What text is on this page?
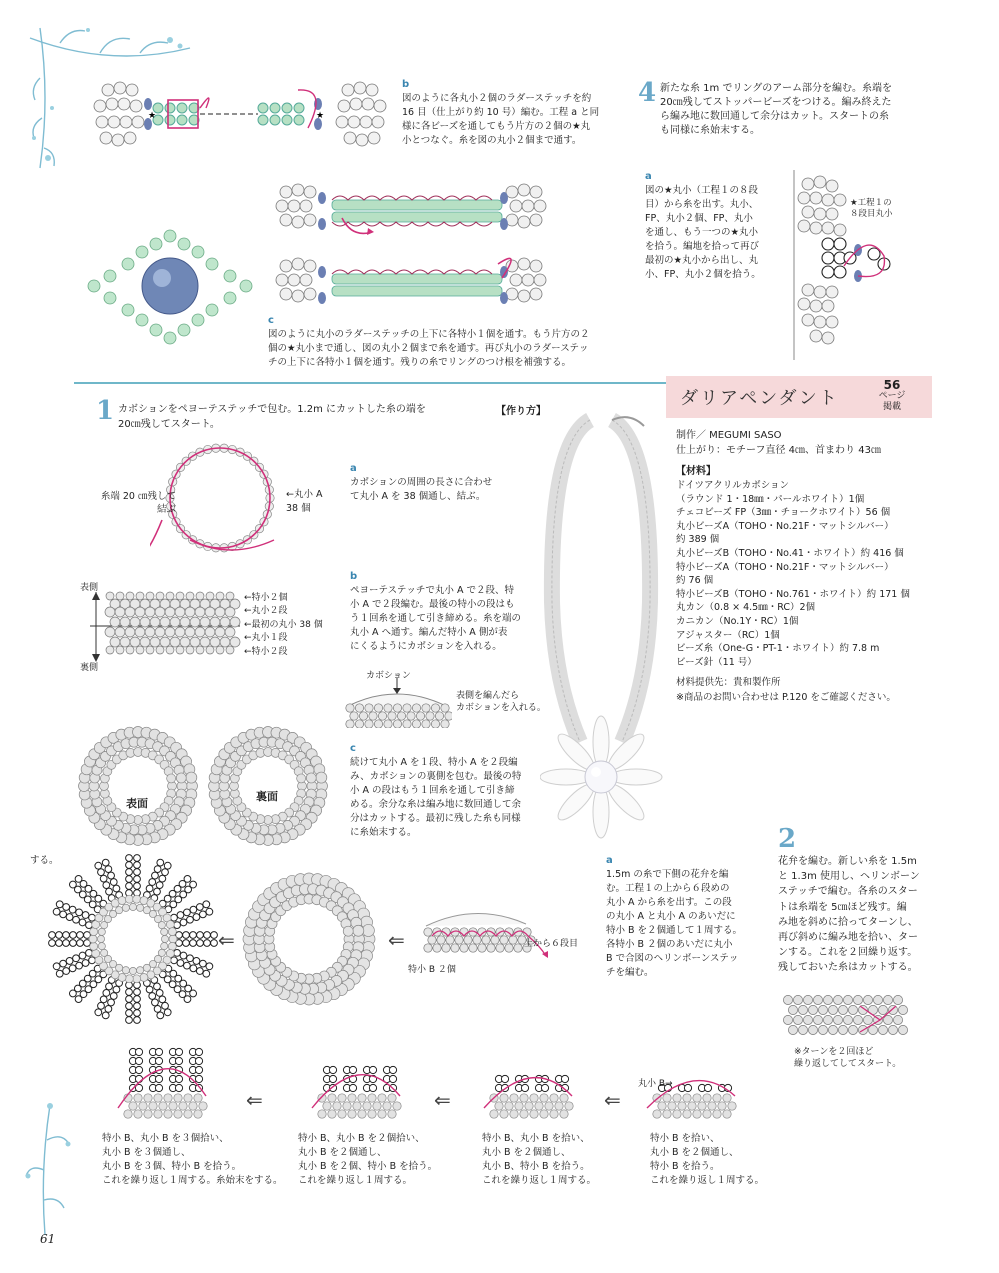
61
★	★
b
図のように各丸小２個のラダーステッチを約
16 目（仕上がり約 10 号）編む。工程 a と同
様に各ビーズを通してもう片方の２個の★丸
小とつなぐ。糸を図の丸小２個まで通す。
c
図のように丸小のラダーステッチの上下に各特小１個を通す。もう片方の２
個の★丸小まで通し、図の丸小２個まで糸を通す。再び丸小のラダーステッ
チの上下に各特小１個を通す。残りの糸でリングのつけ根を補強する。
4 新たな糸 1m でリングのアーム部分を編む。糸端を
20㎝残してストッパービーズをつける。編み終えた
ら編み地に数回通して余分はカット。スタートの糸
も同様に糸始末する。
a
図の★丸小（工程１の８段
目）から糸を出す。丸小、
FP、丸小２個、FP、丸小
を通し、もう一つの★丸小
を拾う。編地を拾って再び
最初の★丸小から出し、丸
小、FP、丸小２個を拾う。
★工程１の
８段目丸小
ダリアペンダント
56
ページ
掲載
制作／ MEGUMI SASO
仕上がり：モチーフ直径 4㎝、首まわり 43㎝
【材料】
ドイツアクリルカボション
（ラウンド 1・18㎜・パールホワイト）1個
チェコビーズ FP（3㎜・チョークホワイト）56 個
丸小ビーズA（TOHO・No.21F・マットシルバー）
約 389 個
丸小ビーズB（TOHO・No.41・ホワイト）約 416 個
特小ビーズA（TOHO・No.21F・マットシルバー）
約 76 個
特小ビーズB（TOHO・No.761・ホワイト）約 171 個
丸カン（0.8 × 4.5㎜・RC）2個
カニカン（No.1Y・RC）1個
アジャスター（RC）1個
ビーズ糸（One-G・PT-1・ホワイト）約 7.8 m
ビーズ針（11 号）
材料提供先：貴和製作所
※商品のお問い合わせは P.120 をご確認ください。
1 カボションをペヨーテステッチで包む。1.2m にカットした糸の端を
20㎝残してスタート。
【作り方】
糸端 20 ㎝残して
結ぶ
←丸小 A
38 個
a
カボションの周囲の長さに合わせ
て丸小 A を 38 個通し、結ぶ。
表側
裏側
←特小２個
←丸小２段
←最初の丸小 38 個
←丸小１段
←特小２段
b
ペヨーテステッチで丸小 A で２段、特
小 A で２段編む。最後の特小の段はも
う１回糸を通して引き締める。糸を端の
丸小 A へ通す。編んだ特小 A 側が表
にくるようにカボションを入れる。
カボション
表側を編んだら
カボションを入れる。
c
続けて丸小 A を１段、特小 A を２段編
み、カボションの裏側を包む。最後の特
小 A の段はもう１回糸を通して引き締
める。余分な糸は編み地に数回通して余
分はカットする。最初に残した糸も同様
に糸始末する。
表面
裏面
する。
⇐	⇐	上から６段目
特小 B ２個
a
1.5m の糸で下側の花弁を編
む。工程１の上から６段めの
丸小 A から糸を出す。この段
の丸小 A と丸小 A のあいだに
特小 B を２個通して１周する。
各特小 B ２個のあいだに丸小
B で合図のヘリンボーンステッ
チを編む。
2
花弁を編む。新しい糸を 1.5m
と 1.3m 使用し、ヘリンボーン
ステッチで編む。各糸のスター
トは糸端を 5㎝ほど残す。編
み地を斜めに拾ってターンし、
再び斜めに編み地を拾い、ター
ンする。これを２回繰り返す。
残しておいた糸はカットする。
※ターンを２回ほど
繰り返してしてスタート。
⇐	⇐	⇐
丸小 B→
特小 B、丸小 B を３個拾い、
丸小 B を３個通し、
丸小 B を３個、特小 B を拾う。
これを繰り返し１周する。糸始末をする。
特小 B、丸小 B を２個拾い、
丸小 B を２個通し、
丸小 B を２個、特小 B を拾う。
これを繰り返し１周する。
特小 B、丸小 B を拾い、
丸小 B を２個通し、
丸小 B、特小 B を拾う。
これを繰り返し１周する。
特小 B を拾い、
丸小 B を２個通し、
特小 B を拾う。
これを繰り返し１周する。
